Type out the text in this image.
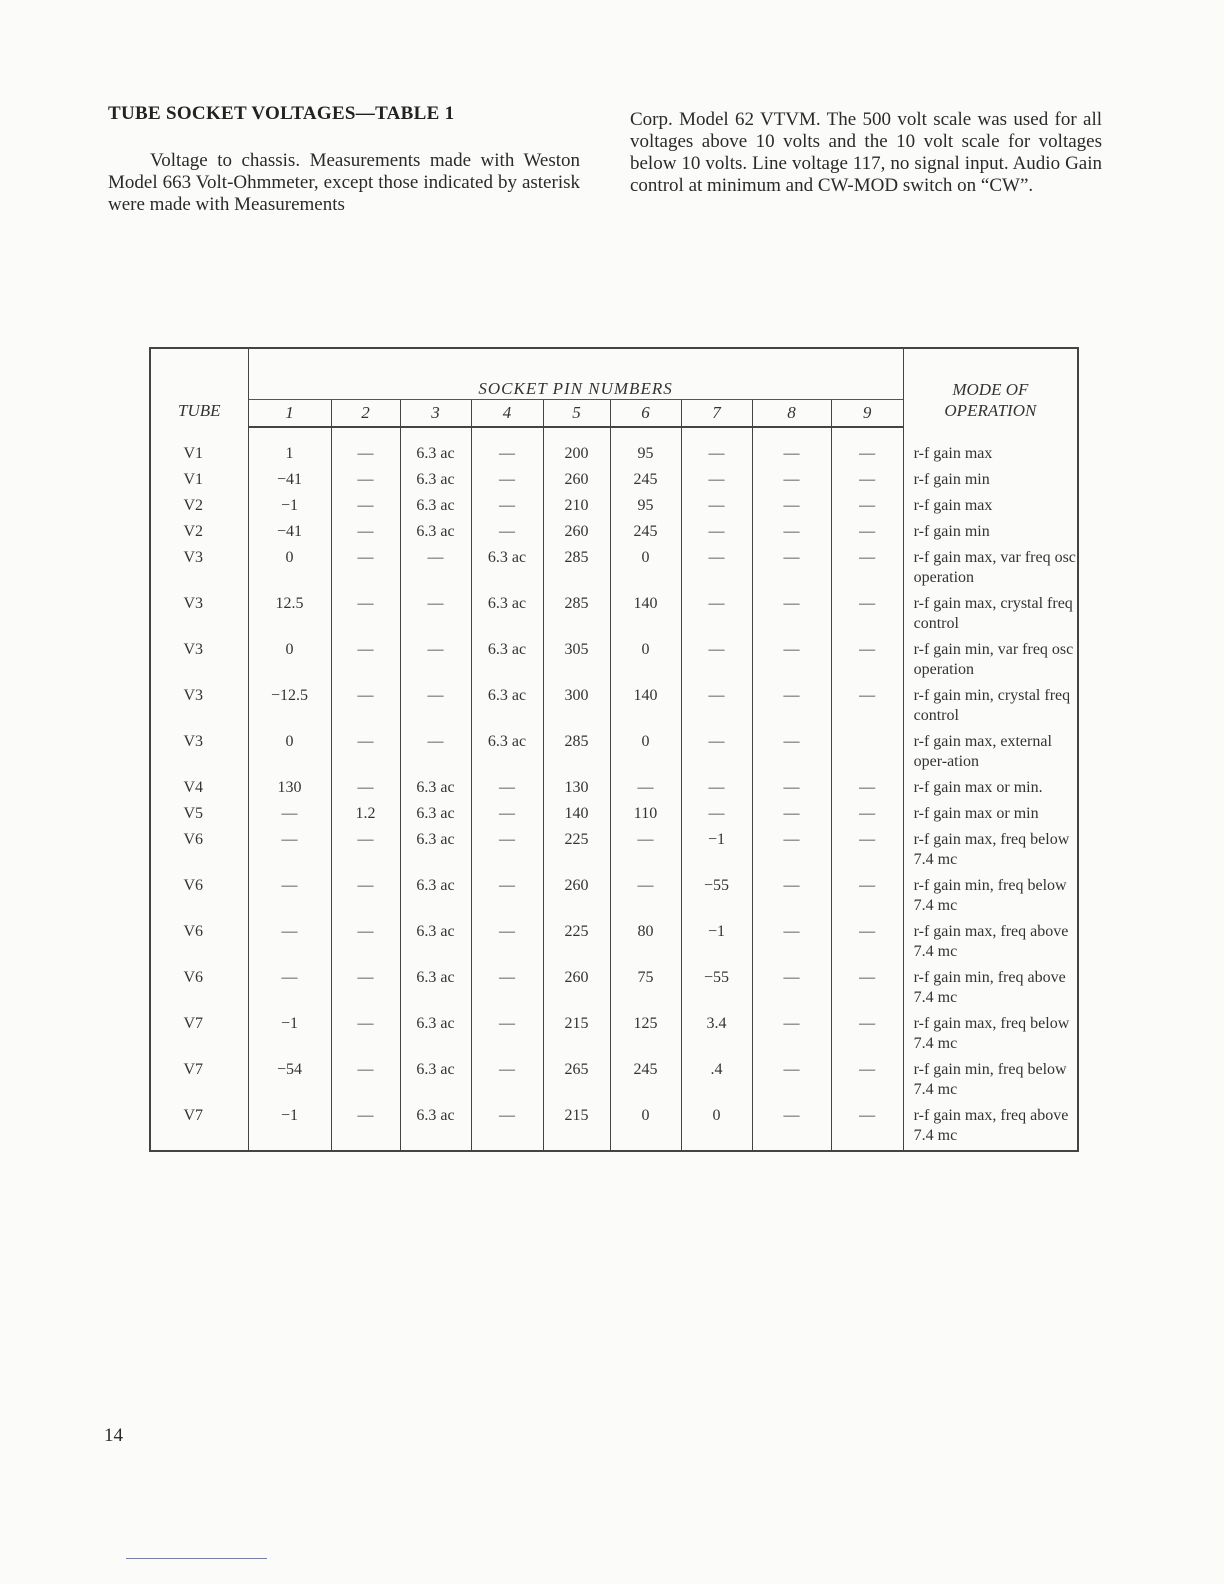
TUBE SOCKET VOLTAGES—TABLE 1

Voltage to chassis. Measurements made with Weston Model 663 Volt-Ohmmeter, except those indicated by asterisk were made with Measurements

Corp. Model 62 VTVM. The 500 volt scale was used for all voltages above 10 volts and the 10 volt scale for voltages below 10 volts. Line voltage 117, no signal input. Audio Gain control at minimum and CW-MOD switch on “CW”.

TUBE	SOCKET PIN NUMBERS									MODE OF
OPERATION
	1	2	3	4	5	6	7	8	9	

V1	1	—	6.3 ac	—	200	95	—	—	—	r-f gain max
V1	−41	—	6.3 ac	—	260	245	—	—	—	r-f gain min
V2	−1	—	6.3 ac	—	210	95	—	—	—	r-f gain max
V2	−41	—	6.3 ac	—	260	245	—	—	—	r-f gain min
V3	0	—	—	6.3 ac	285	0	—	—	—	r-f gain max, var freq osc operation
V3	12.5	—	—	6.3 ac	285	140	—	—	—	r-f gain max, crystal freq control
V3	0	—	—	6.3 ac	305	0	—	—	—	r-f gain min, var freq osc operation
V3	−12.5	—	—	6.3 ac	300	140	—	—	—	r-f gain min, crystal freq control
V3	0	—	—	6.3 ac	285	0	—	—		r-f gain max, external oper-ation
V4	130	—	6.3 ac	—	130	—	—	—	—	r-f gain max or min.
V5	—	1.2	6.3 ac	—	140	110	—	—	—	r-f gain max or min
V6	—	—	6.3 ac	—	225	—	−1	—	—	r-f gain max, freq below 7.4 mc
V6	—	—	6.3 ac	—	260	—	−55	—	—	r-f gain min, freq below 7.4 mc
V6	—	—	6.3 ac	—	225	80	−1	—	—	r-f gain max, freq above 7.4 mc
V6	—	—	6.3 ac	—	260	75	−55	—	—	r-f gain min, freq above 7.4 mc
V7	−1	—	6.3 ac	—	215	125	3.4	—	—	r-f gain max, freq below 7.4 mc
V7	−54	—	6.3 ac	—	265	245	.4	—	—	r-f gain min, freq below 7.4 mc
V7	−1	—	6.3 ac	—	215	0	0	—	—	r-f gain max, freq above 7.4 mc
14
